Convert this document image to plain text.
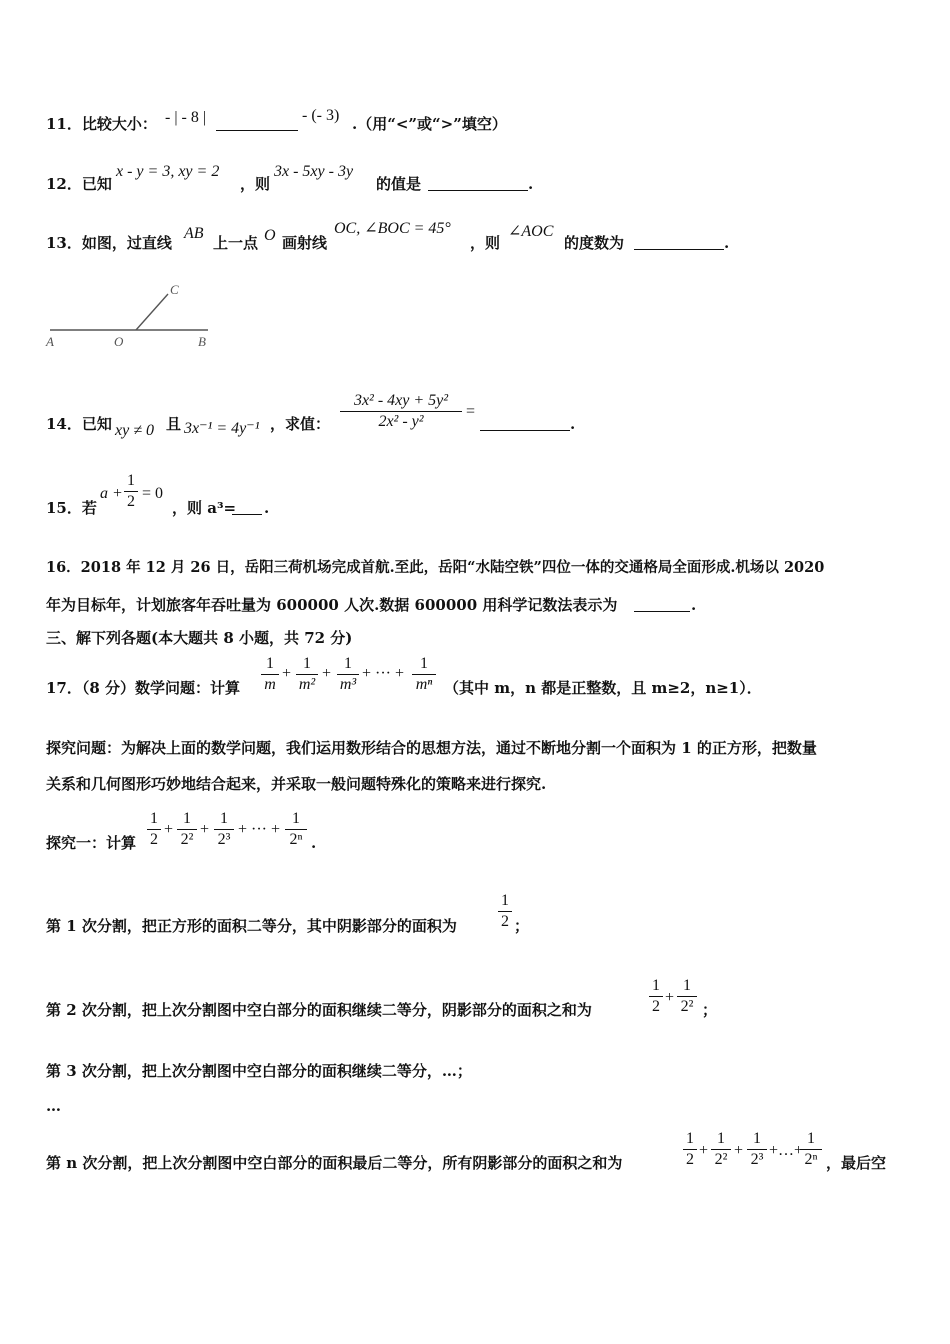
11．比较大小： - | - 8 |	- (- 3) .（用“<”或“>”填空）
12．已知
x - y = 3, xy = 2
，则
3x - 5xy - 3y
的值是	.
13．如图，过直线
AB
上一点 O 画射线
OC, ∠BOC = 45°
，则
∠AOC
的度数为	.
A	O	B
C
14．已知 xy ≠ 0 且 3x⁻¹ = 4y⁻¹ ，求值：
3x² - 4xy + 5y²
2x² - y²
=
.
15．若
a +
1
2 = 0
，则 a³= .
16．2018 年 12 月 26 日，岳阳三荷机场完成首航.至此，岳阳“水陆空铁”四位一体的交通格局全面形成.机场以 2020
年为目标年，计划旅客年吞吐量为 600000 人次.数据 600000 用科学记数法表示为	.
三、解下列各题(本大题共 8 小题，共 72 分)
17．（8 分）数学问题：计算
1
m
+
1
m²
+
1
m³
+ ··· +
1
mⁿ （其中 m，n 都是正整数，且 m≥2，n≥1）．
探究问题：为解决上面的数学问题，我们运用数形结合的思想方法，通过不断地分割一个面积为 1 的正方形，把数量
关系和几何图形巧妙地结合起来，并采取一般问题特殊化的策略来进行探究.
探究一：计算
1
2
+
1
2²
+
1
2³
+ ··· +
1
2ⁿ .
第 1 次分割，把正方形的面积二等分，其中阴影部分的面积为
1
2 ；
第 2 次分割，把上次分割图中空白部分的面积继续二等分，阴影部分的面积之和为
1
2
+
1
2² ；
第 3 次分割，把上次分割图中空白部分的面积继续二等分，…；
…
第 n 次分割，把上次分割图中空白部分的面积最后二等分，所有阴影部分的面积之和为
1
2
+
1
2²
+
1
2³
+…+
1
2ⁿ ，最后空
